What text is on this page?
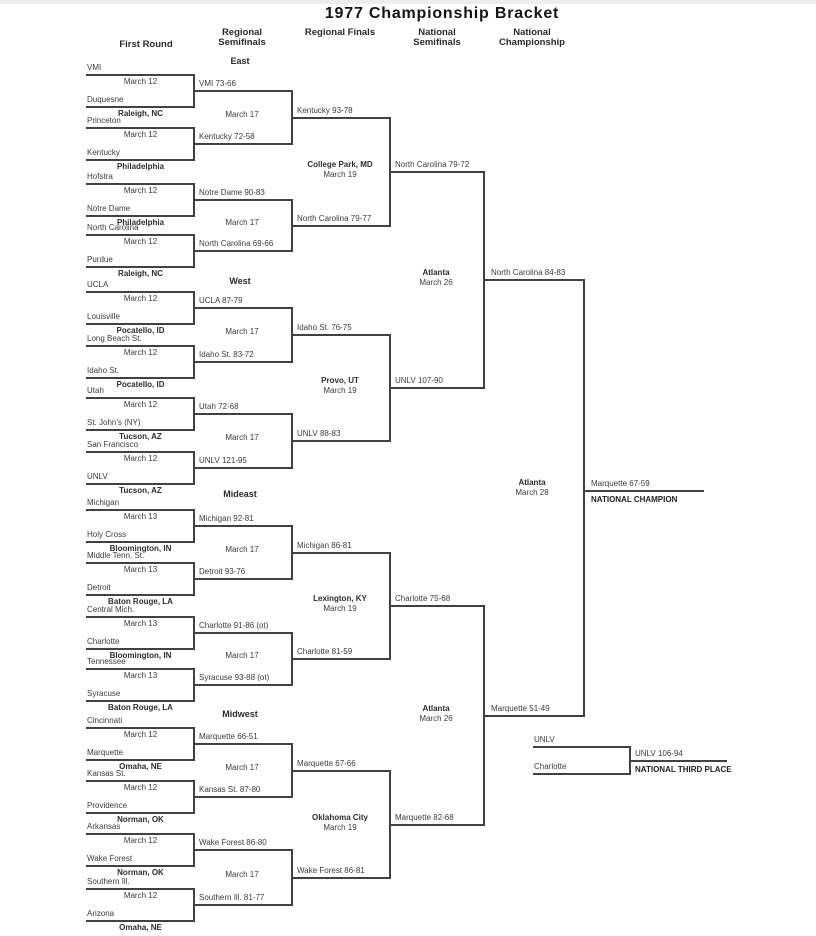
1977 Championship Bracket
First Round
Regional Semifinals
Regional Finals	National Semifinals
National Championship
East
VMI
March 12
Duquesne
Raleigh, NC
VMI 73-66
Princeton
March 12
Kentucky
Philadelphia
Kentucky 72-58
Hofstra
March 12
Notre Dame
Philadelphia
Notre Dame 90-83
North Carolina
March 12
Purdue
Raleigh, NC
North Carolina 69-66
March 17	Kentucky 93-78
March 17	North Carolina 79-77
College Park, MD
March 19
North Carolina 79-72
West
UCLA
March 12
Louisville
Pocatello, ID
UCLA 87-79
Long Beach St.
March 12
Idaho St.
Pocatello, ID
Idaho St. 83-72
Utah
March 12
St. John's (NY)
Tucson, AZ
Utah 72-68
San Francisco
March 12
UNLV
Tucson, AZ
UNLV 121-95
March 17	Idaho St. 76-75
March 17	UNLV 88-83
Provo, UT
March 19
UNLV 107-90
Mideast
Michigan
March 13
Holy Cross
Bloomington, IN
Michigan 92-81
Middle Tenn. St.
March 13
Detroit
Baton Rouge, LA
Detroit 93-76
Central Mich.
March 13
Charlotte
Bloomington, IN
Charlotte 91-86 (ot)
Tennessee
March 13
Syracuse
Baton Rouge, LA
Syracuse 93-88 (ot)
March 17	Michigan 86-81
March 17	Charlotte 81-59
Lexington, KY
March 19
Charlotte 75-68
Midwest
Cincinnati
March 12
Marquette
Omaha, NE
Marquette 66-51
Kansas St.
March 12
Providence
Norman, OK
Kansas St. 87-80
Arkansas
March 12
Wake Forest
Norman, OK
Wake Forest 86-80
Southern Ill.
March 12
Arizona
Omaha, NE
Southern Ill. 81-77
March 17	Marquette 67-66
March 17	Wake Forest 86-81
Oklahoma City
March 19
Marquette 82-68
Atlanta
March 26
North Carolina 84-83
Atlanta
March 26
Marquette 51-49
Atlanta
March 28
Marquette 67-59
NATIONAL CHAMPION
UNLV
Charlotte
UNLV 106-94
NATIONAL THIRD PLACE
